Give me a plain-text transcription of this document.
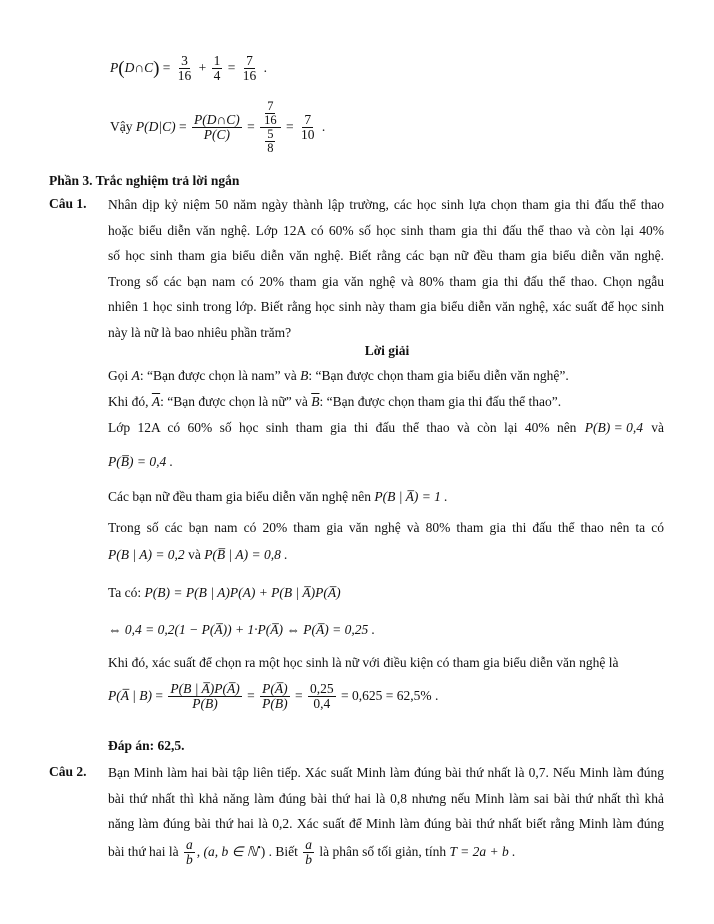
P(D∩C) = $\frac{3}{16} + \frac{1}{4} = \frac{7}{16}$ .
Vậy $P(D|C) = \frac{P(D\cap C)}{P(C)} = \frac{\frac{7}{16}}{\frac{5}{8}} = \frac{7}{10}$ .
Phần 3. Trắc nghiệm trả lời ngắn
Câu 1. Nhân dịp kỷ niệm 50 năm ngày thành lập trường, các học sinh lựa chọn tham gia thi đấu thể thao
hoặc biểu diễn văn nghệ. Lớp 12A có 60% số học sinh tham gia thi đấu thể thao và còn lại 40%
số học sinh tham gia biểu diễn văn nghệ. Biết rằng các bạn nữ đều tham gia biểu diễn văn nghệ.
Trong số các bạn nam có 20% tham gia văn nghệ và 80% tham gia thi đấu thể thao. Chọn ngẫu
nhiên 1 học sinh trong lớp. Biết rằng học sinh này tham gia biểu diễn văn nghệ, xác suất để học sinh
này là nữ là bao nhiêu phần trăm?
Lời giải
Gọi A: “Bạn được chọn là nam” và B: “Bạn được chọn tham gia biểu diễn văn nghệ”.
Khi đó, $\overline{A}$: “Bạn được chọn là nữ” và $\overline{B}$: “Bạn được chọn tham gia thi đấu thể thao”.
Lớp 12A có 60% số học sinh tham gia thi đấu thể thao và còn lại 40% nên P(B) = 0,4 và
P(B̅) = 0,4 .
Các bạn nữ đều tham gia biểu diễn văn nghệ nên P(B | A̅) = 1 .
Trong số các bạn nam có 20% tham gia văn nghệ và 80% tham gia thi đấu thể thao nên ta có
P(B | A) = 0,2 và P(B̅ | A) = 0,8 .
Ta có: P(B) = P(B | A)P(A) + P(B | A̅)P(A̅)
⇔ 0,4 = 0,2(1 − P(A̅)) + 1·P(A̅) ⇔ P(A̅) = 0,25 .
Khi đó, xác suất để chọn ra một học sinh là nữ với điều kiện có tham gia biểu diễn văn nghệ là
P(A̅ | $B) = \frac{P(B | A̅)P(A̅)}{P(B)} = \frac{P(A̅)}{P(B)} = \frac{0,25}{0,4} = 0,625 = 62,5\%$ .
Đáp án: 62,5.
Câu 2. Bạn Minh làm hai bài tập liên tiếp. Xác suất Minh làm đúng bài thứ nhất là 0,7. Nếu Minh làm đúng
bài thứ nhất thì khả năng làm đúng bài thứ hai là 0,8 nhưng nếu Minh làm sai bài thứ nhất thì khả
năng làm đúng bài thứ hai là 0,2. Xác suất để Minh làm đúng bài thứ nhất biết rằng Minh làm đúng
bài thứ hai là $\frac{a}{b}$ , (a, b ∈ ℕ•) . Biết $\frac{a}{b}$ là phân số tối giản, tính T = 2a + b .
